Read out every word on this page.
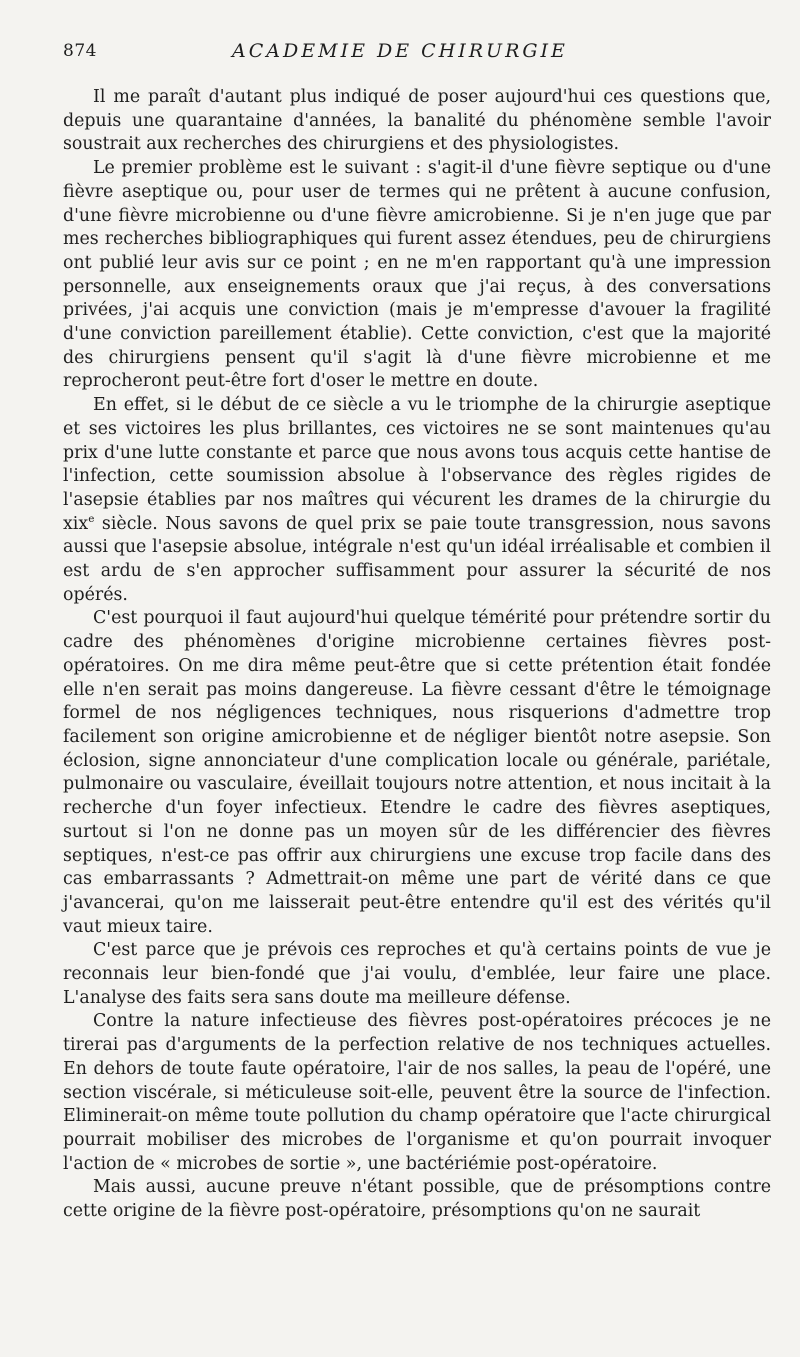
874	ACADEMIE DE CHIRURGIE

Il me paraît d'autant plus indiqué de poser aujourd'hui ces questions que, depuis une quarantaine d'années, la banalité du phénomène semble l'avoir soustrait aux recherches des chirurgiens et des physiologistes.

Le premier problème est le suivant : s'agit-il d'une fièvre septique ou d'une fièvre aseptique ou, pour user de termes qui ne prêtent à aucune confusion, d'une fièvre microbienne ou d'une fièvre amicrobienne. Si je n'en juge que par mes recherches bibliographiques qui furent assez étendues, peu de chirurgiens ont publié leur avis sur ce point ; en ne m'en rapportant qu'à une impression personnelle, aux enseignements oraux que j'ai reçus, à des conversations privées, j'ai acquis une conviction (mais je m'empresse d'avouer la fragilité d'une conviction pareillement établie). Cette conviction, c'est que la majorité des chirurgiens pensent qu'il s'agit là d'une fièvre microbienne et me reprocheront peut-être fort d'oser le mettre en doute.

En effet, si le début de ce siècle a vu le triomphe de la chirurgie aseptique et ses victoires les plus brillantes, ces victoires ne se sont maintenues qu'au prix d'une lutte constante et parce que nous avons tous acquis cette hantise de l'infection, cette soumission absolue à l'observance des règles rigides de l'asepsie établies par nos maîtres qui vécurent les drames de la chirurgie du xix$^e$ siècle. Nous savons de quel prix se paie toute transgression, nous savons aussi que l'asepsie absolue, intégrale n'est qu'un idéal irréalisable et combien il est ardu de s'en approcher suffisamment pour assurer la sécurité de nos opérés.

C'est pourquoi il faut aujourd'hui quelque témérité pour prétendre sortir du cadre des phénomènes d'origine microbienne certaines fièvres post-opératoires. On me dira même peut-être que si cette prétention était fondée elle n'en serait pas moins dangereuse. La fièvre cessant d'être le témoignage formel de nos négligences techniques, nous risquerions d'admettre trop facilement son origine amicrobienne et de négliger bientôt notre asepsie. Son éclosion, signe annonciateur d'une complication locale ou générale, pariétale, pulmonaire ou vasculaire, éveillait toujours notre attention, et nous incitait à la recherche d'un foyer infectieux. Etendre le cadre des fièvres aseptiques, surtout si l'on ne donne pas un moyen sûr de les différencier des fièvres septiques, n'est-ce pas offrir aux chirurgiens une excuse trop facile dans des cas embarrassants ? Admettrait-on même une part de vérité dans ce que j'avancerai, qu'on me laisserait peut-être entendre qu'il est des vérités qu'il vaut mieux taire.

C'est parce que je prévois ces reproches et qu'à certains points de vue je reconnais leur bien-fondé que j'ai voulu, d'emblée, leur faire une place. L'analyse des faits sera sans doute ma meilleure défense.

Contre la nature infectieuse des fièvres post-opératoires précoces je ne tirerai pas d'arguments de la perfection relative de nos techniques actuelles. En dehors de toute faute opératoire, l'air de nos salles, la peau de l'opéré, une section viscérale, si méticuleuse soit-elle, peuvent être la source de l'infection. Eliminerait-on même toute pollution du champ opératoire que l'acte chirurgical pourrait mobiliser des microbes de l'organisme et qu'on pourrait invoquer l'action de « microbes de sortie », une bactériémie post-opératoire.

Mais aussi, aucune preuve n'étant possible, que de présomptions contre cette origine de la fièvre post-opératoire, présomptions qu'on ne saurait
